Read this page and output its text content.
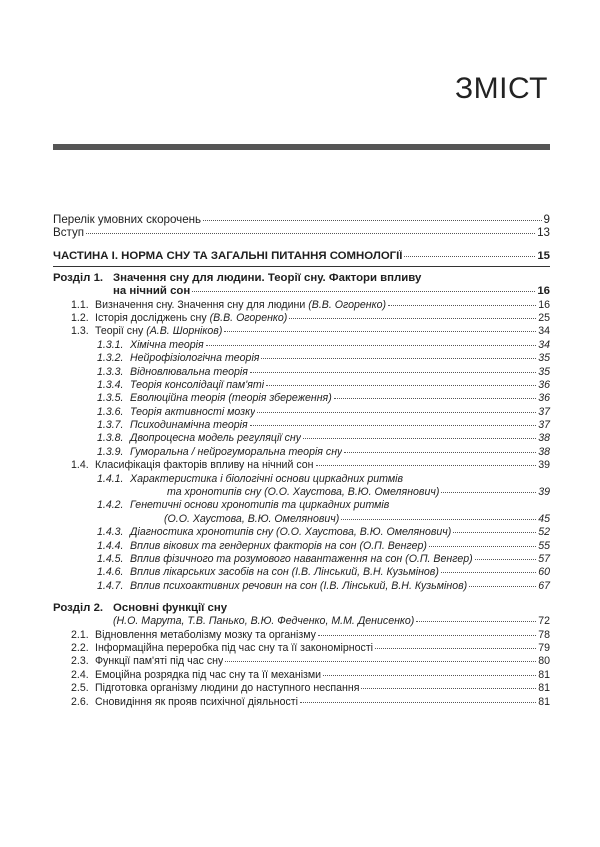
ЗМІСТ
Перелік умовних скорочень	9
Вступ	13
ЧАСТИНА I. НОРМА СНУ ТА ЗАГАЛЬНІ ПИТАННЯ СОМНОЛОГІЇ	15
Розділ 1. Значення сну для людини. Теорії сну. Фактори впливу
на нічний сон	16
1.1. Визначення сну. Значення сну для людини (В.В. Огоренко)	16
1.2. Історія досліджень сну (В.В. Огоренко)	25
1.3. Теорії сну (А.В. Шорніков)	34
1.3.1. Хімічна теорія	34
1.3.2. Нейрофізіологічна теорія	35
1.3.3. Відновлювальна теорія	35
1.3.4. Теорія консолідації пам'яті	36
1.3.5. Еволюційна теорія (теорія збереження)	36
1.3.6. Теорія активності мозку	37
1.3.7. Психодинамічна теорія	37
1.3.8. Двопроцесна модель регуляції сну	38
1.3.9. Гуморальна / нейрогуморальна теорія сну	38
1.4. Класифікація факторів впливу на нічний сон	39
1.4.1. Характеристика і біологічні основи циркадних ритмів
та хронотипів сну (О.О. Хаустова, В.Ю. Омелянович)	39
1.4.2. Генетичні основи хронотипів та циркадних ритмів
(О.О. Хаустова, В.Ю. Омелянович)	45
1.4.3. Діагностика хронотипів сну (О.О. Хаустова, В.Ю. Омелянович)	52
1.4.4. Вплив вікових та гендерних факторів на сон (О.П. Венгер)	55
1.4.5. Вплив фізичного та розумового навантаження на сон (О.П. Венгер)	57
1.4.6. Вплив лікарських засобів на сон (І.В. Лінський, В.Н. Кузьмінов)	60
1.4.7. Вплив психоактивних речовин на сон (І.В. Лінський, В.Н. Кузьмінов)	67
Розділ 2. Основні функції сну
(Н.О. Марута, Т.В. Панько, В.Ю. Федченко, М.М. Денисенко)	72
2.1. Відновлення метаболізму мозку та організму	78
2.2. Інформаційна переробка під час сну та її закономірності	79
2.3. Функції пам'яті під час сну	80
2.4. Емоційна розрядка під час сну та її механізми	81
2.5. Підготовка організму людини до наступного неспання	81
2.6. Сновидіння як прояв психічної діяльності	81
